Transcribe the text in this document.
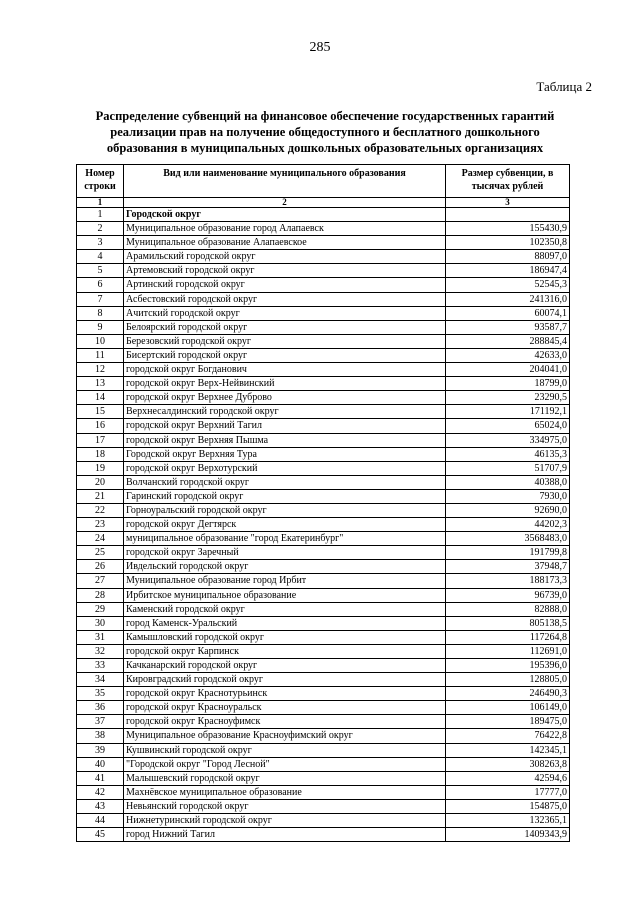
285
Таблица 2
Распределение субвенций на финансовое обеспечение государственных гарантий реализации прав на получение общедоступного и бесплатного дошкольного образования в муниципальных дошкольных образовательных организациях
Номер строки	Вид или наименование муниципального образования	Размер субвенции, в тысячах рублей
1	2	3
1	Городской округ	
2	Муниципальное образование город Алапаевск	155430,9
3	Муниципальное образование Алапаевское	102350,8
4	Арамильский городской округ	88097,0
5	Артемовский городской округ	186947,4
6	Артинский городской округ	52545,3
7	Асбестовский городской округ	241316,0
8	Ачитский городской округ	60074,1
9	Белоярский городской округ	93587,7
10	Березовский городской округ	288845,4
11	Бисертский городской округ	42633,0
12	городской округ Богданович	204041,0
13	городской округ Верх-Нейвинский	18799,0
14	городской округ Верхнее Дуброво	23290,5
15	Верхнесалдинский городской округ	171192,1
16	городской округ Верхний Тагил	65024,0
17	городской округ Верхняя Пышма	334975,0
18	Городской округ Верхняя Тура	46135,3
19	городской округ Верхотурский	51707,9
20	Волчанский городской округ	40388,0
21	Гаринский городской округ	7930,0
22	Горноуральский городской округ	92690,0
23	городской округ Дегтярск	44202,3
24	муниципальное образование "город Екатеринбург"	3568483,0
25	городской округ Заречный	191799,8
26	Ивдельский городской округ	37948,7
27	Муниципальное образование город Ирбит	188173,3
28	Ирбитское муниципальное образование	96739,0
29	Каменский городской округ	82888,0
30	город Каменск-Уральский	805138,5
31	Камышловский городской округ	117264,8
32	городской округ Карпинск	112691,0
33	Качканарский городской округ	195396,0
34	Кировградский городской округ	128805,0
35	городской округ Краснотурьинск	246490,3
36	городской округ Красноуральск	106149,0
37	городской округ Красноуфимск	189475,0
38	Муниципальное образование Красноуфимский округ	76422,8
39	Кушвинский городской округ	142345,1
40	"Городской округ "Город Лесной"	308263,8
41	Малышевский городской округ	42594,6
42	Махнёвское муниципальное образование	17777,0
43	Невьянский городской округ	154875,0
44	Нижнетуринский городской округ	132365,1
45	город Нижний Тагил	1409343,9
